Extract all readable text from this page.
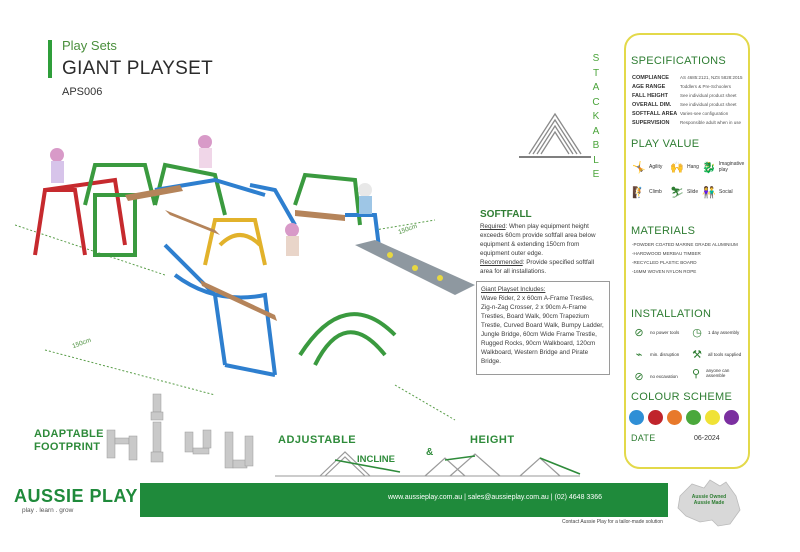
Play Sets
GIANT PLAYSET
APS006
S
T
A
C
K
A
B
L
E
150cm
150cm
SOFTFALL
Required: When play equipment height exceeds 60cm provide softfall area below equipment & extending 150cm from equipment outer edge.
Recommended: Provide specified softfall area for all installations.
Giant Playset Includes:
Wave Rider, 2 x 60cm A-Frame Trestles, Zig-n-Zag Crosser, 2 x 90cm A-Frame Trestles, Board Walk, 90cm Trapezium Trestle, Curved Board Walk, Bumpy Ladder, Jungle Bridge, 60cm Wide Frame Trestle, Rugged Rocks, 90cm Walkboard, 120cm Walkboard, Western Bridge and Pirate Bridge.
SPECIFICATIONS
COMPLIANCE AS 4685:2121, NZS 5828:2015
AGE RANGE	Toddlers & Pre-Schoolers
FALL HEIGHT	See individual product sheet
OVERALL DIM. See individual product sheet
SOFTFALL AREA Varies-see configuration
SUPERVISION Responsible adult when in use
PLAY VALUE
🤸 Agility 🙌 Hang 🐉 Imaginative play
🧗 Climb ⛷ Slide 👫 Social
MATERIALS
-POWDER COATED MARINE GRADE ALUMINIUM
-HARDWOOD MERBAU TIMBER
-RECYCLED PLASTIC BOARD
-16MM WOVEN NYLON ROPE
INSTALLATION
⊘	no power tools ◷	1 day assembly
⌁	min. disruption ⚒	all tools supplied
⊘	no excavation ⚲	anyone can assemble
COLOUR SCHEME
DATE	06-2024
ADAPTABLE
FOOTPRINT
ADJUSTABLE
INCLINE
&
HEIGHT
www.aussieplay.com.au | sales@aussieplay.com.au | (02) 4648 3366
AUSSIE PLAY
play . learn . grow
Contact Aussie Play for a tailor-made solution
Aussie Owned
Aussie Made
